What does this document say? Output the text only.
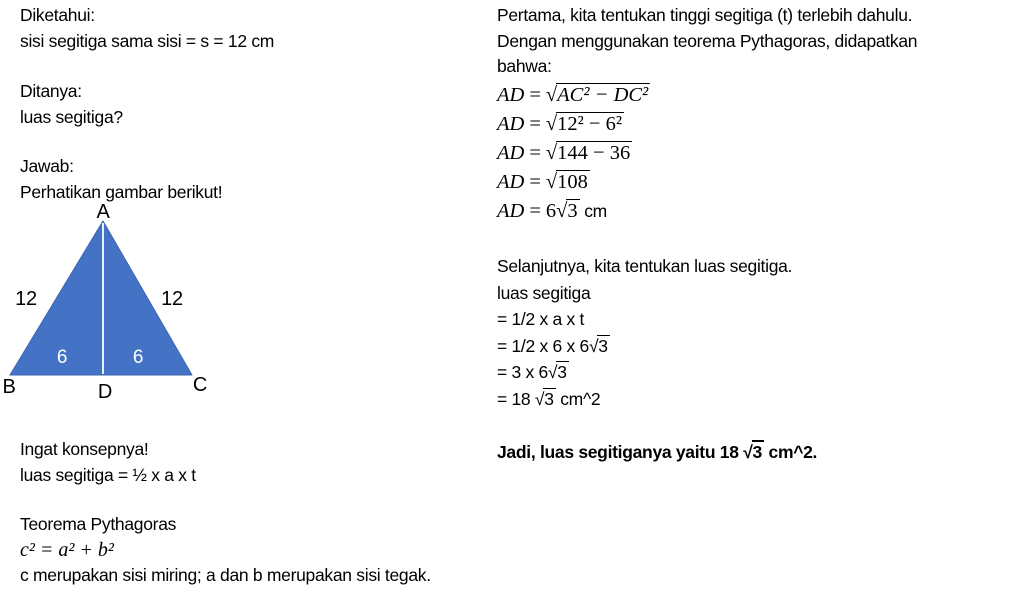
Diketahui:
sisi segitiga sama sisi = s = 12 cm
Ditanya:
luas segitiga?
Jawab:
Perhatikan gambar berikut!
A
B	C
D
12	12
6	6
Ingat konsepnya!
luas segitiga = ½ x a x t
Teorema Pythagoras
c² = a² + b²
c merupakan sisi miring; a dan b merupakan sisi tegak.
Pertama, kita tentukan tinggi segitiga (t) terlebih dahulu.
Dengan menggunakan teorema Pythagoras, didapatkan
bahwa:
AD = √AC² − DC²
AD = √12² − 6²
AD = √144 − 36
AD = √108
AD = 6√3 cm
Selanjutnya, kita tentukan luas segitiga.
luas segitiga
= 1/2 x a x t
= 1/2 x 6 x 6√3
= 3 x 6√3
= 18 √3 cm^2
Jadi, luas segitiganya yaitu 18 √3 cm^2.
